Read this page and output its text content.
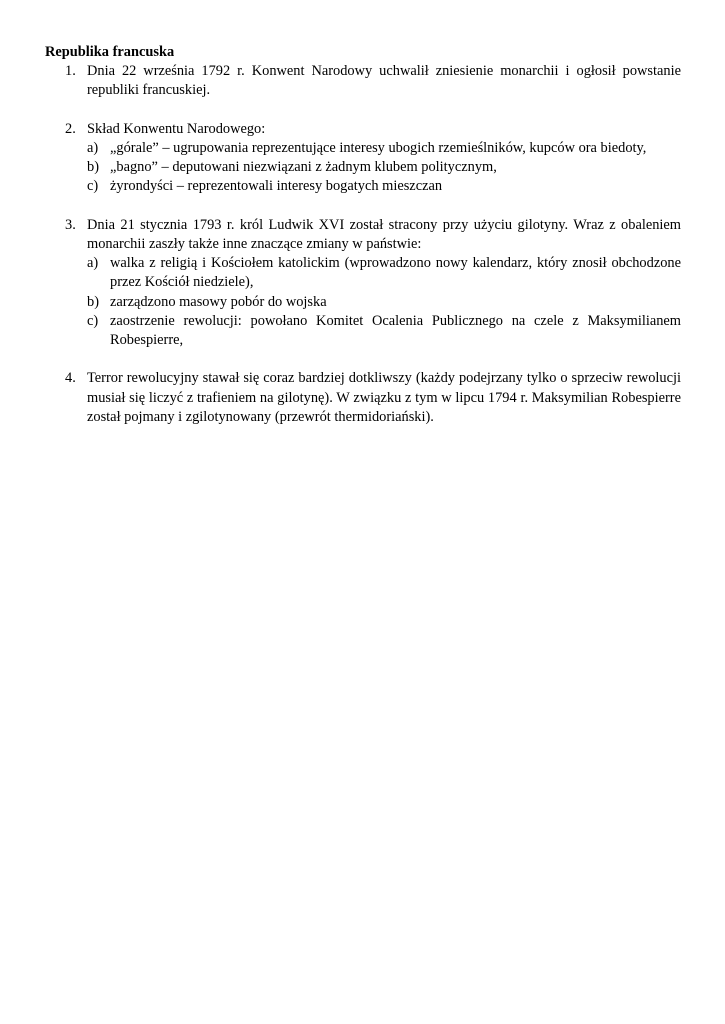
Republika francuska
1. Dnia 22 września 1792 r. Konwent Narodowy uchwalił zniesienie monarchii i ogłosił powstanie republiki francuskiej.
2. Skład Konwentu Narodowego:
a) „górale” – ugrupowania reprezentujące interesy ubogich rzemieślników, kupców ora biedoty,
b) „bagno” – deputowani niezwiązani z żadnym klubem politycznym,
c) żyrondyści – reprezentowali interesy bogatych mieszczan
3. Dnia 21 stycznia 1793 r. król Ludwik XVI został stracony przy użyciu gilotyny. Wraz z obaleniem monarchii zaszły także inne znaczące zmiany w państwie:
a) walka z religią i Kościołem katolickim (wprowadzono nowy kalendarz, który znosił obchodzone przez Kościół niedziele),
b) zarządzono masowy pobór do wojska
c) zaostrzenie rewolucji: powołano Komitet Ocalenia Publicznego na czele z Maksymilianem Robespierre,
4. Terror rewolucyjny stawał się coraz bardziej dotkliwszy (każdy podejrzany tylko o sprzeciw rewolucji musiał się liczyć z trafieniem na gilotynę). W związku z tym w lipcu 1794 r. Maksymilian Robespierre został pojmany i zgilotynowany (przewrót thermidoriański).
